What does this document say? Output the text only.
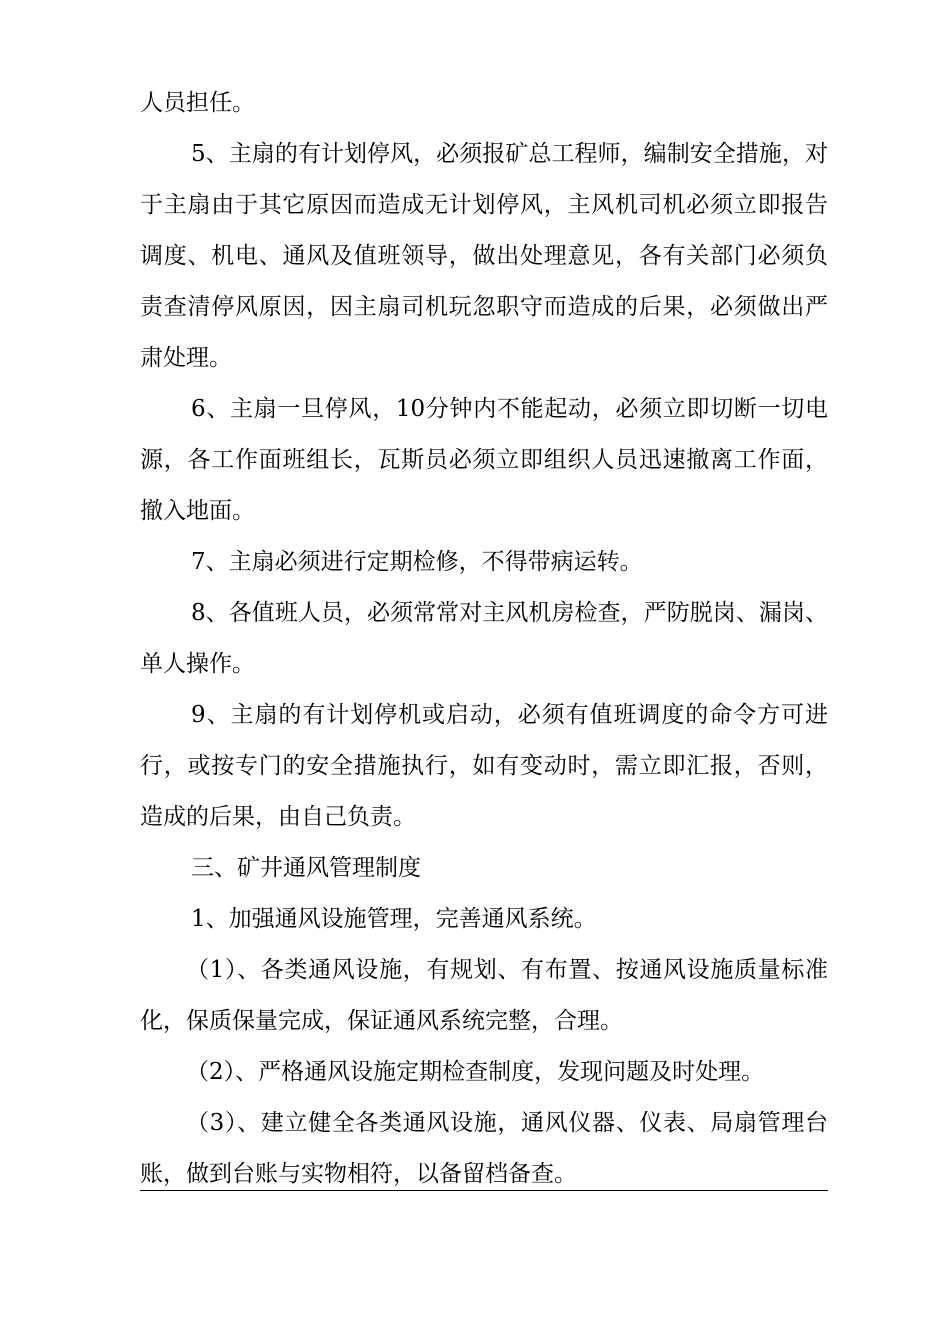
人员担任。

5、主扇的有计划停风，必须报矿总工程师，编制安全措施，对于主扇由于其它原因而造成无计划停风，主风机司机必须立即报告调度、机电、通风及值班领导，做出处理意见，各有关部门必须负责查清停风原因，因主扇司机玩忽职守而造成的后果，必须做出严肃处理。

6、主扇一旦停风，10分钟内不能起动，必须立即切断一切电源，各工作面班组长，瓦斯员必须立即组织人员迅速撤离工作面，撤入地面。

7、主扇必须进行定期检修，不得带病运转。

8、各值班人员，必须常常对主风机房检查，严防脱岗、漏岗、单人操作。

9、主扇的有计划停机或启动，必须有值班调度的命令方可进行，或按专门的安全措施执行，如有变动时，需立即汇报，否则，造成的后果，由自己负责。

三、矿井通风管理制度

1、加强通风设施管理，完善通风系统。

（1）、各类通风设施，有规划、有布置、按通风设施质量标准化，保质保量完成，保证通风系统完整，合理。

（2）、严格通风设施定期检查制度，发现问题及时处理。

（3）、建立健全各类通风设施，通风仪器、仪表、局扇管理台账，做到台账与实物相符，以备留档备查。
